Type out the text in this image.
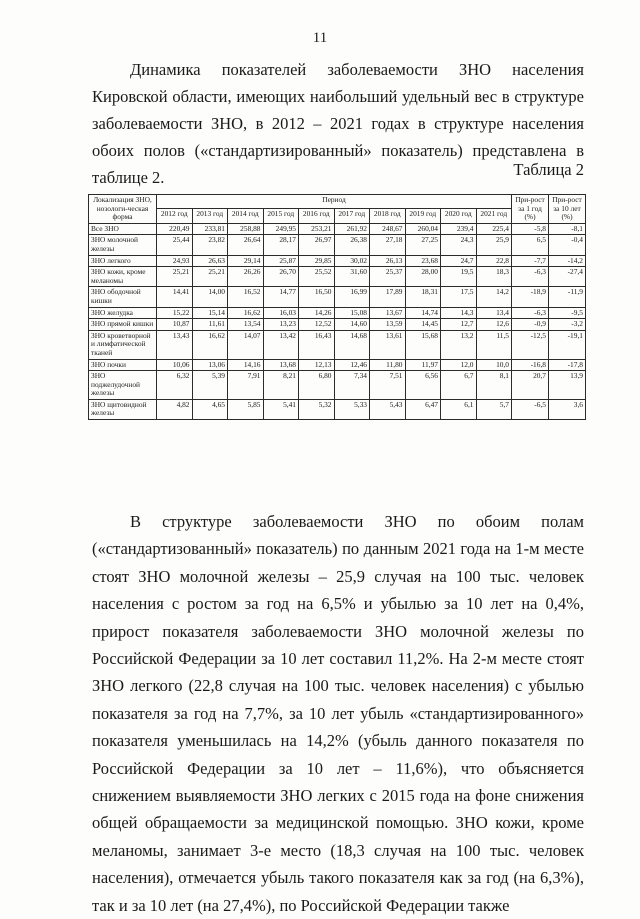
11

Динамика показателей заболеваемости ЗНО населения Кировской области, имеющих наибольший удельный вес в структуре заболеваемости ЗНО, в 2012 – 2021 годах в структуре населения обоих полов («стандартизированный» показатель) представлена в таблице 2.	Таблица 2
Локализация ЗНО, нозологи-ческая форма	Период										При-рост за 1 год (%)	При-рост за 10 лет (%)
	2012 год	2013 год	2014 год	2015 год	2016 год	2017 год	2018 год	2019 год	2020 год	2021 год		
Все ЗНО	220,49	233,81	258,88	249,95	253,21	261,92	248,67	260,04	239,4	225,4	-5,8	-8,1
ЗНО молочной железы	25,44	23,82	26,64	28,17	26,97	26,38	27,18	27,25	24,3	25,9	6,5	-0,4
ЗНО легкого	24,93	26,63	29,14	25,87	29,85	30,02	26,13	23,68	24,7	22,8	-7,7	-14,2
ЗНО кожи, кроме меланомы	25,21	25,21	26,26	26,70	25,52	31,60	25,37	28,00	19,5	18,3	-6,3	-27,4
ЗНО ободочной кишки	14,41	14,00	16,52	14,77	16,50	16,99	17,89	18,31	17,5	14,2	-18,9	-11,9
ЗНО желудка	15,22	15,14	16,62	16,03	14,26	15,08	13,67	14,74	14,3	13,4	-6,3	-9,5
ЗНО прямой кишки	10,87	11,61	13,54	13,23	12,52	14,60	13,59	14,45	12,7	12,6	-0,9	-3,2
ЗНО кроветворной и лимфатической тканей	13,43	16,62	14,07	13,42	16,43	14,68	13,61	15,68	13,2	11,5	-12,5	-19,1
ЗНО почки	10,06	13,06	14,16	13,68	12,13	12,46	11,80	11,97	12,0	10,0	-16,8	-17,8
ЗНО поджелудочной железы	6,32	5,39	7,91	8,21	6,80	7,34	7,51	6,56	6,7	8,1	20,7	13,9
ЗНО щитовидной железы	4,82	4,65	5,85	5,41	5,32	5,33	5,43	6,47	6,1	5,7	-6,5	3,6

В структуре заболеваемости ЗНО по обоим полам («стандартизованный» показатель) по данным 2021 года на 1-м месте стоят ЗНО молочной железы – 25,9 случая на 100 тыс. человек населения с ростом за год на 6,5% и убылью за 10 лет на 0,4%, прирост показателя заболеваемости ЗНО молочной железы по Российской Федерации за 10 лет составил 11,2%. На 2-м месте стоят ЗНО легкого (22,8 случая на 100 тыс. человек населения) с убылью показателя за год на 7,7%, за 10 лет убыль «стандартизированного» показателя уменьшилась на 14,2% (убыль данного показателя по Российской Федерации за 10 лет – 11,6%), что объясняется снижением выявляемости ЗНО легких с 2015 года на фоне снижения общей обращаемости за медицинской помощью. ЗНО кожи, кроме меланомы, занимает 3-е место (18,3 случая на 100 тыс. человек населения), отмечается убыль такого показателя как за год (на 6,3%), так и за 10 лет (на 27,4%), по Российской Федерации также
